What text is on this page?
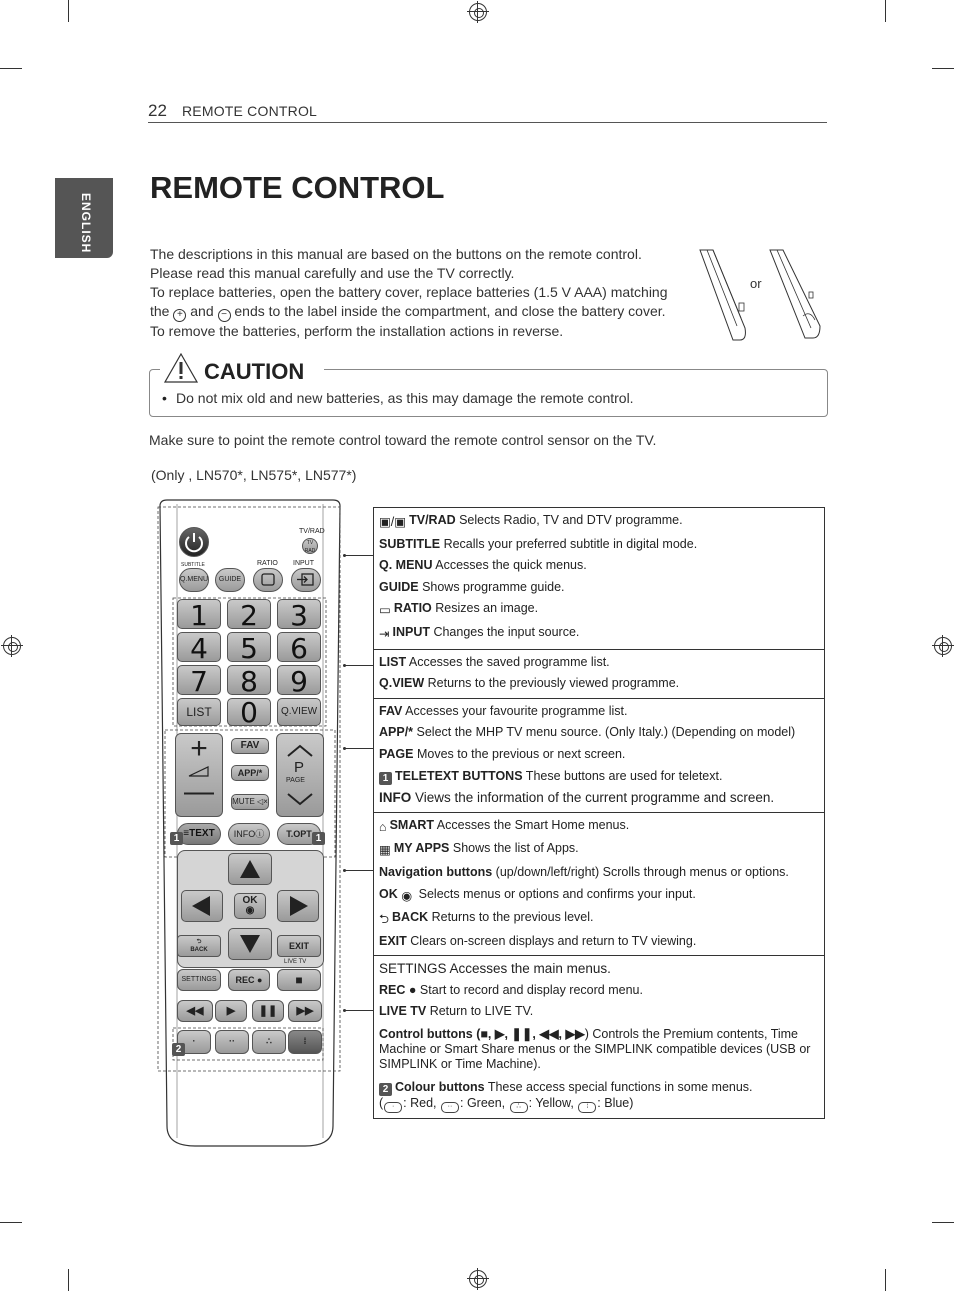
22 REMOTE CONTROL
ENGLISH
REMOTE CONTROL

The descriptions in this manual are based on the buttons on the remote control.

Please read this manual carefully and use the TV correctly.

To replace batteries, open the battery cover, replace batteries (1.5 V AAA) matching

the + and − ends to the label inside the compartment, and close the battery cover.

To remove the batteries, perform the installation actions in reverse.

or
CAUTION
• Do not mix old and new batteries, as this may damage the remote control.
Make sure to point the remote control toward the remote control sensor on the TV.
(Only , LN570*, LN575*, LN577*)
TV/RAD
TV
RAD
SUBTITLE	RATIO INPUT
Q.MENU	GUIDE
1	2	3
4	5	6
7	8	9
LIST	0	Q.VIEW
+
—
FAV
APP/*
MUTE ◁×
P
PAGE
≡TEXT	INFOⓘ	T.OPT
1	1

OK
◉
⮌
BACK	EXIT
LIVE TV
SETTINGS	REC ●	■
◀◀	▶	❚❚	▶▶
·	··	∴	⁞
2
▣/▣ TV/RAD Selects Radio, TV and DTV programme.
SUBTITLE Recalls your preferred subtitle in digital mode.
Q. MENU Accesses the quick menus.
GUIDE Shows programme guide.
▭ RATIO Resizes an image.
⇥ INPUT Changes the input source.
LIST Accesses the saved programme list.
Q.VIEW Returns to the previously viewed programme.
FAV Accesses your favourite programme list.
APP/* Select the MHP TV menu source. (Only Italy.) (Depending on model)
PAGE Moves to the previous or next screen.
1 TELETEXT BUTTONS These buttons are used for teletext.
INFO Views the information of the current programme and screen.
⌂ SMART Accesses the Smart Home menus.
▦ MY APPS Shows the list of Apps.
Navigation buttons (up/down/left/right) Scrolls through menus or options.
OK ◉ Selects menus or options and confirms your input.
⮌ BACK Returns to the previous level.
EXIT Clears on-screen displays and return to TV viewing.
SETTINGS Accesses the main menus.
REC ● Start to record and display record menu.
LIVE TV Return to LIVE TV.
Control buttons (■, ▶, ❚❚, ◀◀, ▶▶) Controls the Premium contents, Time Machine or Smart Share menus or the SIMPLINK compatible devices (USB or SIMPLINK or Time Machine).
2 Colour buttons These access special functions in some menus.
( · : Red, ·· : Green, ∴ : Yellow, ⁞ : Blue)
